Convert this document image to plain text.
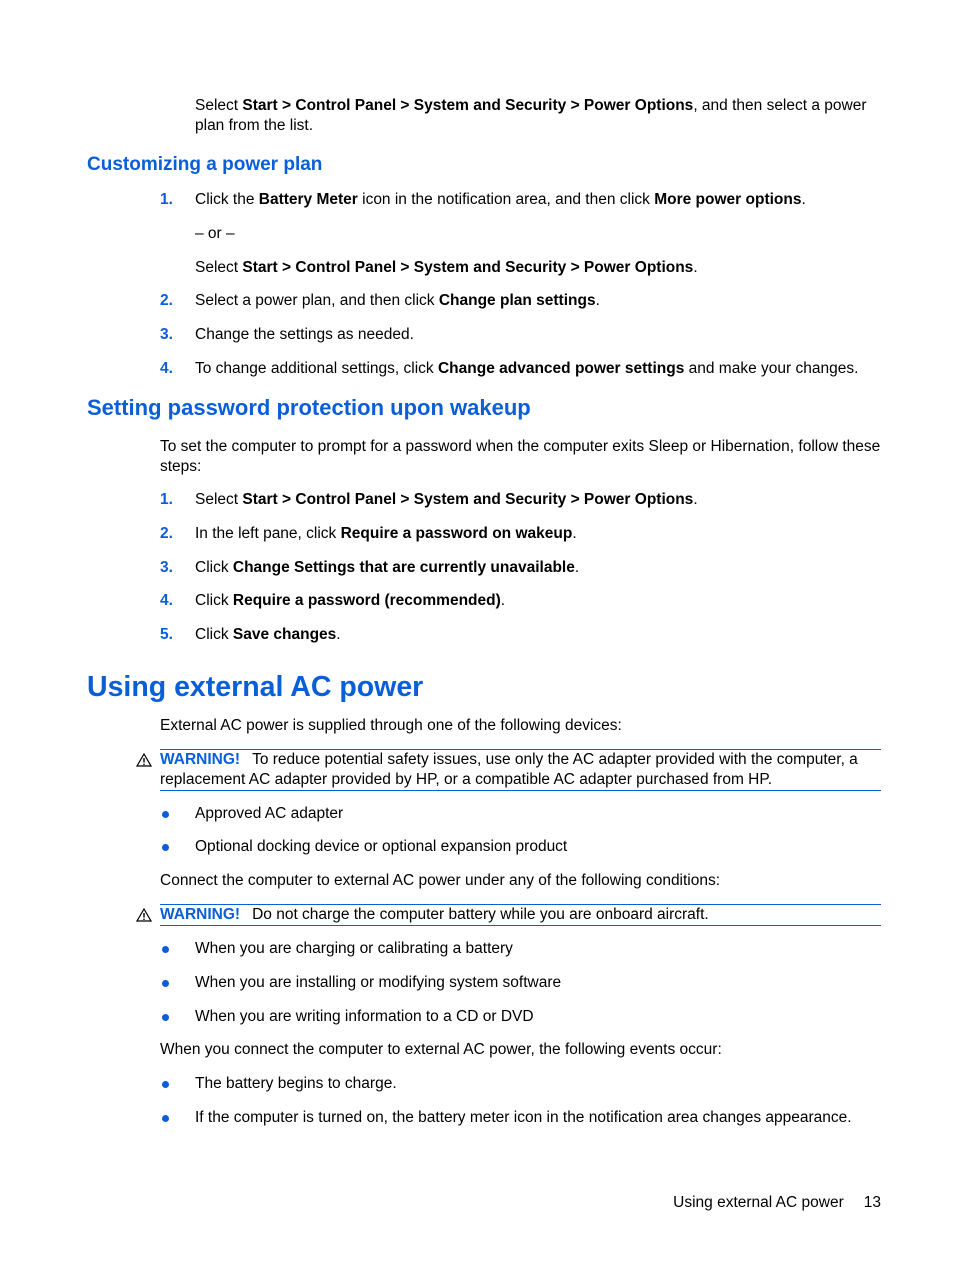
Select Start > Control Panel > System and Security > Power Options, and then select a power plan from the list.

Customizing a power plan
1. Click the Battery Meter icon in the notification area, and then click More power options.

– or –

Select Start > Control Panel > System and Security > Power Options.

2. Select a power plan, and then click Change plan settings.

3. Change the settings as needed.

4. To change additional settings, click Change advanced power settings and make your changes.

Setting password protection upon wakeup

To set the computer to prompt for a password when the computer exits Sleep or Hibernation, follow these steps:

1. Select Start > Control Panel > System and Security > Power Options.

2. In the left pane, click Require a password on wakeup.

3. Click Change Settings that are currently unavailable.

4. Click Require a password (recommended).

5. Click Save changes.

Using external AC power

External AC power is supplied through one of the following devices:

WARNING! To reduce potential safety issues, use only the AC adapter provided with the computer, a replacement AC adapter provided by HP, or a compatible AC adapter purchased from HP.

Approved AC adapter

Optional docking device or optional expansion product

Connect the computer to external AC power under any of the following conditions:

WARNING! Do not charge the computer battery while you are onboard aircraft.

When you are charging or calibrating a battery

When you are installing or modifying system software

When you are writing information to a CD or DVD

When you connect the computer to external AC power, the following events occur:

The battery begins to charge.

If the computer is turned on, the battery meter icon in the notification area changes appearance.

Using external AC power 13
